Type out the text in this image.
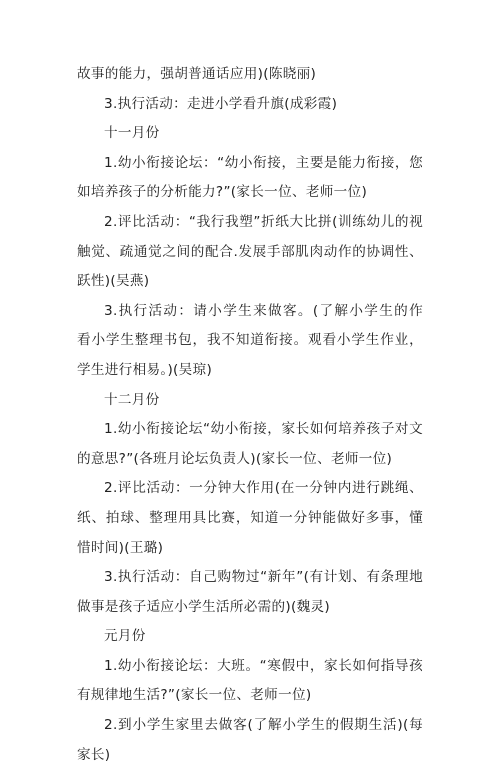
故事的能力，强胡普通话应用)(陈晓丽)
3.执行活动：走进小学看升旗(成彩霞)
十一月份
1.幼小衔接论坛：“幼小衔接，主要是能力衔接，您
如培养孩子的分析能力?”(家长一位、老师一位)
2.评比活动：“我行我塑”折纸大比拼(训练幼儿的视
触觉、疏通觉之间的配合.发展手部肌肉动作的协调性、
跃性)(吴燕)
3.执行活动：请小学生来做客。(了解小学生的作
看小学生整理书包，我不知道衔接。观看小学生作业，
学生进行相易。)(吴琼)
十二月份
1.幼小衔接论坛“幼小衔接，家长如何培养孩子对文
的意思?”(各班月论坛负责人)(家长一位、老师一位)
2.评比活动：一分钟大作用(在一分钟内进行跳绳、
纸、拍球、整理用具比赛，知道一分钟能做好多事，懂
惜时间)(王璐)
3.执行活动：自己购物过“新年”(有计划、有条理地
做事是孩子适应小学生活所必需的)(魏灵)
元月份
1.幼小衔接论坛：大班。“寒假中，家长如何指导孩
有规律地生活?”(家长一位、老师一位)
2.到小学生家里去做客(了解小学生的假期生活)(每
家长)
